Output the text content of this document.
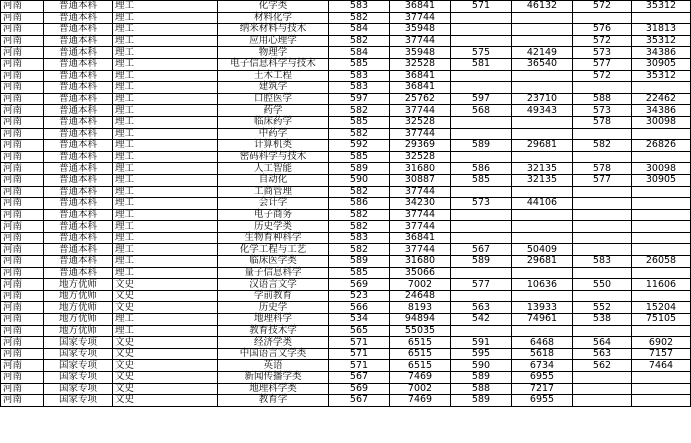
河南	普通本科	理工	化学类	583	36841	571	46132	572	35312
河南	普通本科	理工	材料化学	582	37744				
河南	普通本科	理工	纳米材料与技术	584	35948			576	31813
河南	普通本科	理工	应用心理学	582	37744			572	35312
河南	普通本科	理工	物理学	584	35948	575	42149	573	34386
河南	普通本科	理工	电子信息科学与技术	585	32528	581	36540	577	30905
河南	普通本科	理工	土木工程	583	36841			572	35312
河南	普通本科	理工	建筑学	583	36841				
河南	普通本科	理工	口腔医学	597	25762	597	23710	588	22462
河南	普通本科	理工	药学	582	37744	568	49343	573	34386
河南	普通本科	理工	临床药学	585	32528			578	30098
河南	普通本科	理工	中药学	582	37744				
河南	普通本科	理工	计算机类	592	29369	589	29681	582	26826
河南	普通本科	理工	密码科学与技术	585	32528				
河南	普通本科	理工	人工智能	589	31680	586	32135	578	30098
河南	普通本科	理工	自动化	590	30887	585	32135	577	30905
河南	普通本科	理工	工商管理	582	37744				
河南	普通本科	理工	会计学	586	34230	573	44106		
河南	普通本科	理工	电子商务	582	37744				
河南	普通本科	理工	历史学类	582	37744				
河南	普通本科	理工	生物育种科学	583	36841				
河南	普通本科	理工	化学工程与工艺	582	37744	567	50409		
河南	普通本科	理工	临床医学类	589	31680	589	29681	583	26058
河南	普通本科	理工	量子信息科学	585	35066				
河南	地方优师	文史	汉语言文学	569	7002	577	10636	550	11606
河南	地方优师	文史	学前教育	523	24648				
河南	地方优师	文史	历史学	566	8193	563	13933	552	15204
河南	地方优师	理工	地理科学	534	94894	542	74961	538	75105
河南	地方优师	理工	教育技术学	565	55035				
河南	国家专项	文史	经济学类	571	6515	591	6468	564	6902
河南	国家专项	文史	中国语言文学类	571	6515	595	5618	563	7157
河南	国家专项	文史	英语	571	6515	590	6734	562	7464
河南	国家专项	文史	新闻传播学类	567	7469	589	6955		
河南	国家专项	文史	地理科学类	569	7002	588	7217		
河南	国家专项	文史	教育学	567	7469	589	6955		
